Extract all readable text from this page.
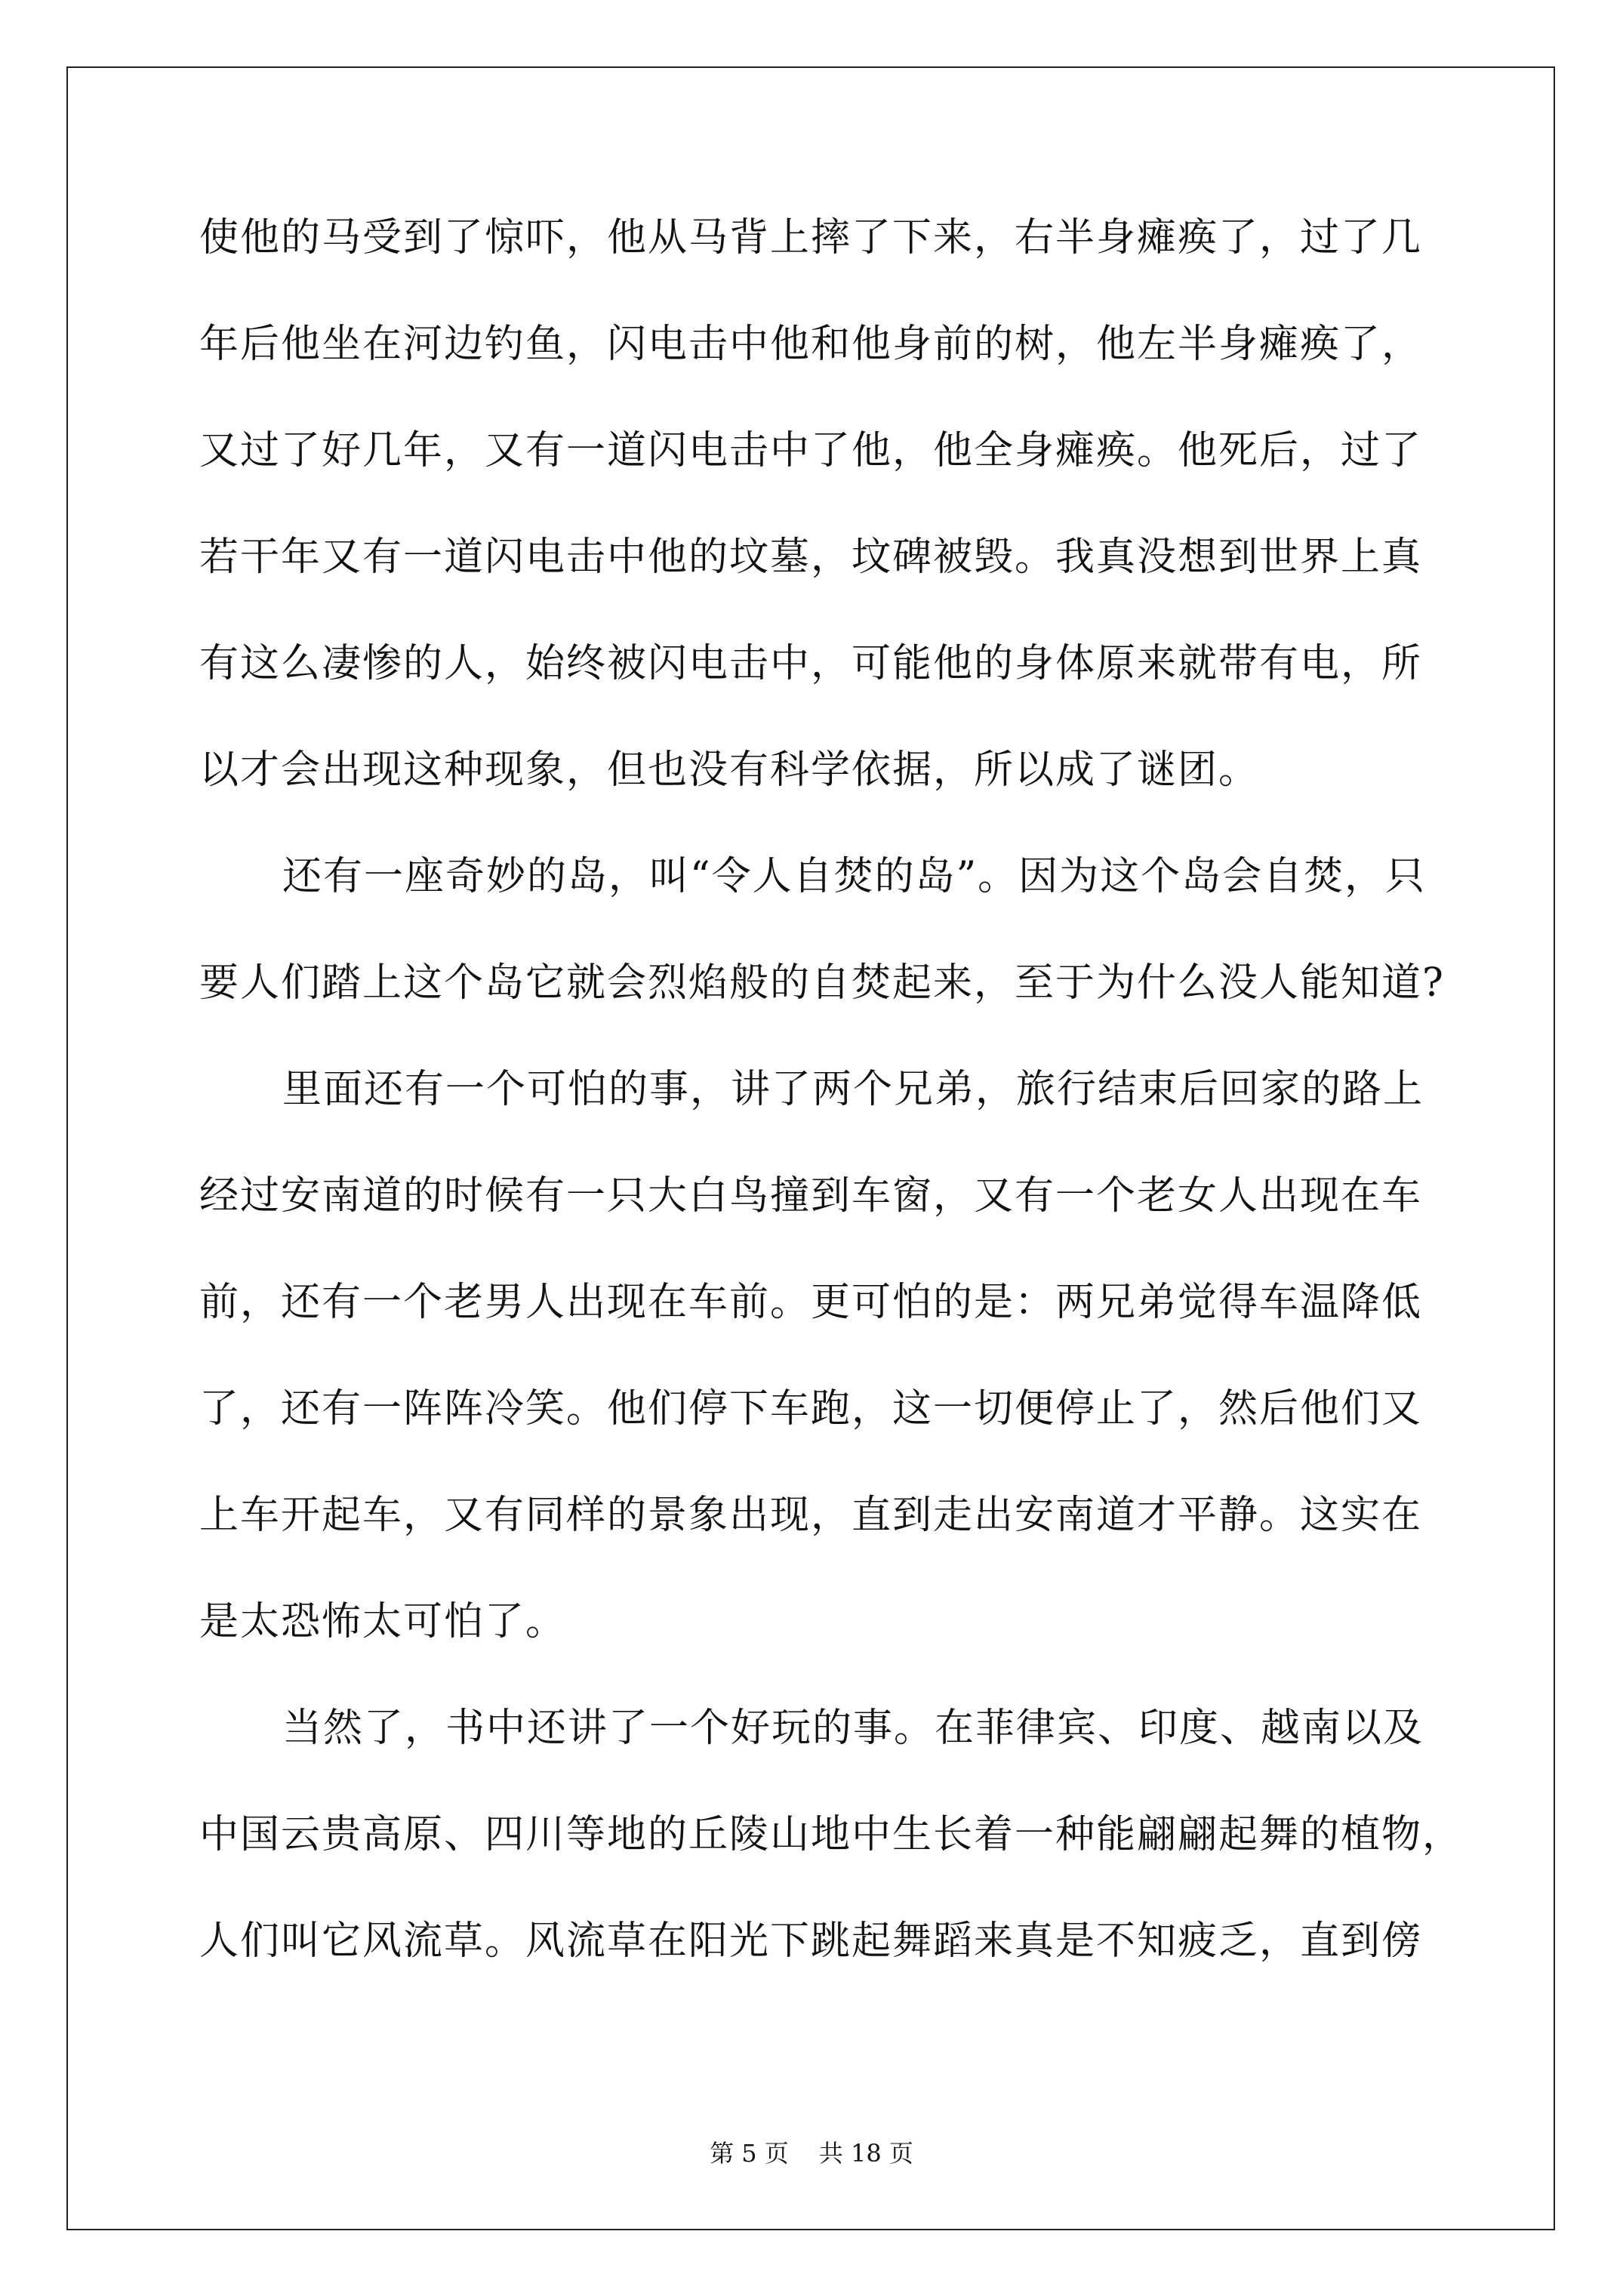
使他的马受到了惊吓，他从马背上摔了下来，右半身瘫痪了，过了几
年后他坐在河边钓鱼，闪电击中他和他身前的树，他左半身瘫痪了，
又过了好几年，又有一道闪电击中了他，他全身瘫痪。他死后，过了
若干年又有一道闪电击中他的坟墓，坟碑被毁。我真没想到世界上真
有这么凄惨的人，始终被闪电击中，可能他的身体原来就带有电，所
以才会出现这种现象，但也没有科学依据，所以成了谜团。
还有一座奇妙的岛，叫“令人自焚的岛”。因为这个岛会自焚，只
要人们踏上这个岛它就会烈焰般的自焚起来，至于为什么没人能知道?
里面还有一个可怕的事，讲了两个兄弟，旅行结束后回家的路上
经过安南道的时候有一只大白鸟撞到车窗，又有一个老女人出现在车
前，还有一个老男人出现在车前。更可怕的是：两兄弟觉得车温降低
了，还有一阵阵冷笑。他们停下车跑，这一切便停止了，然后他们又
上车开起车，又有同样的景象出现，直到走出安南道才平静。这实在
是太恐怖太可怕了。
当然了，书中还讲了一个好玩的事。在菲律宾、印度、越南以及
中国云贵高原、四川等地的丘陵山地中生长着一种能翩翩起舞的植物，
人们叫它风流草。风流草在阳光下跳起舞蹈来真是不知疲乏，直到傍
第 5 页 共 18 页
